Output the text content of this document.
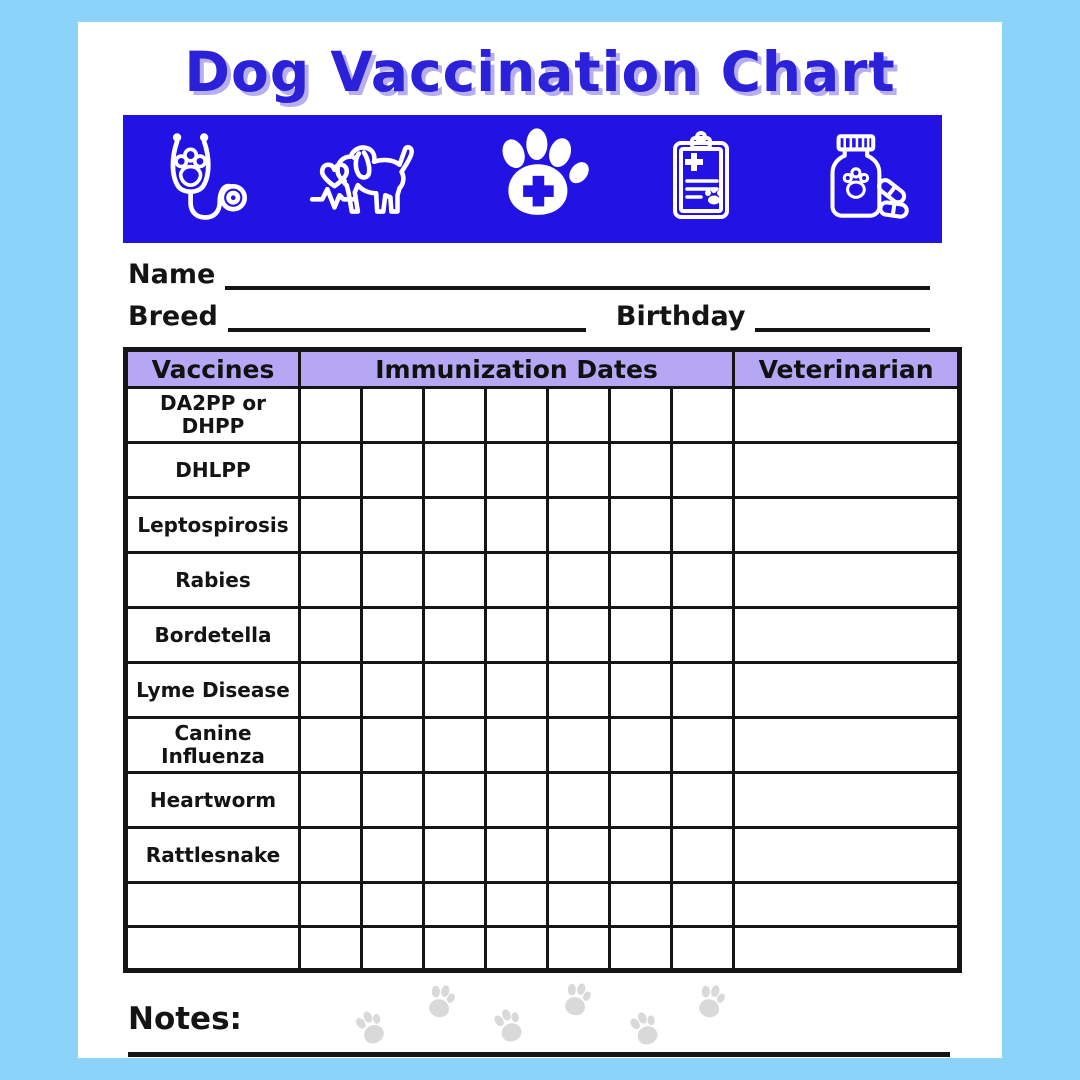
Dog Vaccination Chart
Name
Breed	Birthday
Vaccines	Immunization Dates							Veterinarian
DA2PP or DHPP								
DHLPP								
Leptospirosis								
Rabies								
Bordetella								
Lyme Disease								
Canine Influenza								
Heartworm								
Rattlesnake								

Notes:
